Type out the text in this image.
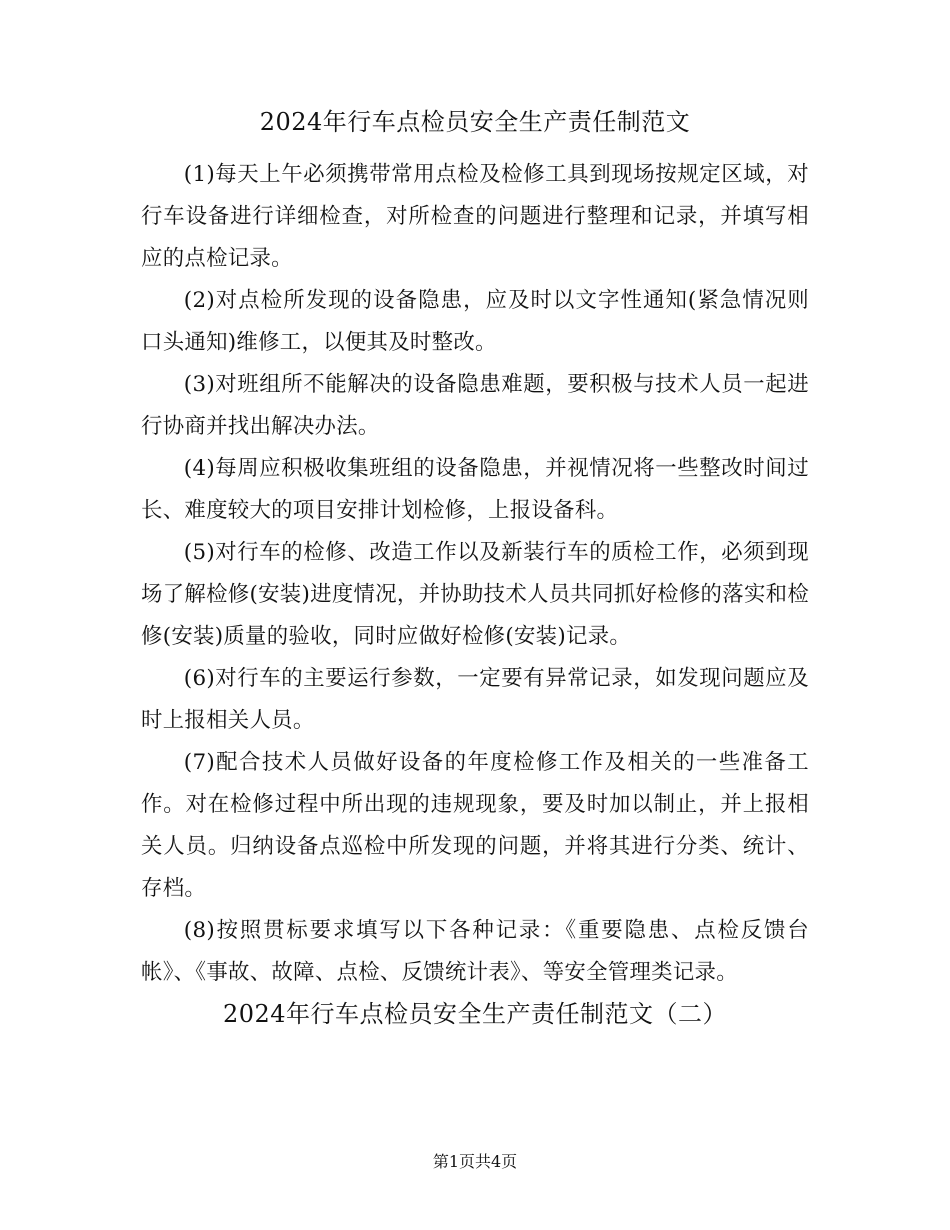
2024年行车点检员安全生产责任制范文

(1)每天上午必须携带常用点检及检修工具到现场按规定区域，对行车设备进行详细检查，对所检查的问题进行整理和记录，并填写相应的点检记录。

(2)对点检所发现的设备隐患，应及时以文字性通知(紧急情况则口头通知)维修工，以便其及时整改。

(3)对班组所不能解决的设备隐患难题，要积极与技术人员一起进行协商并找出解决办法。

(4)每周应积极收集班组的设备隐患，并视情况将一些整改时间过长、难度较大的项目安排计划检修，上报设备科。

(5)对行车的检修、改造工作以及新装行车的质检工作，必须到现场了解检修(安装)进度情况，并协助技术人员共同抓好检修的落实和检修(安装)质量的验收，同时应做好检修(安装)记录。

(6)对行车的主要运行参数，一定要有异常记录，如发现问题应及时上报相关人员。

(7)配合技术人员做好设备的年度检修工作及相关的一些准备工作。对在检修过程中所出现的违规现象，要及时加以制止，并上报相关人员。归纳设备点巡检中所发现的问题，并将其进行分类、统计、存档。

(8)按照贯标要求填写以下各种记录：《重要隐患、点检反馈台帐》、《事故、故障、点检、反馈统计表》、等安全管理类记录。

2024年行车点检员安全生产责任制范文（二）
第1页共4页
